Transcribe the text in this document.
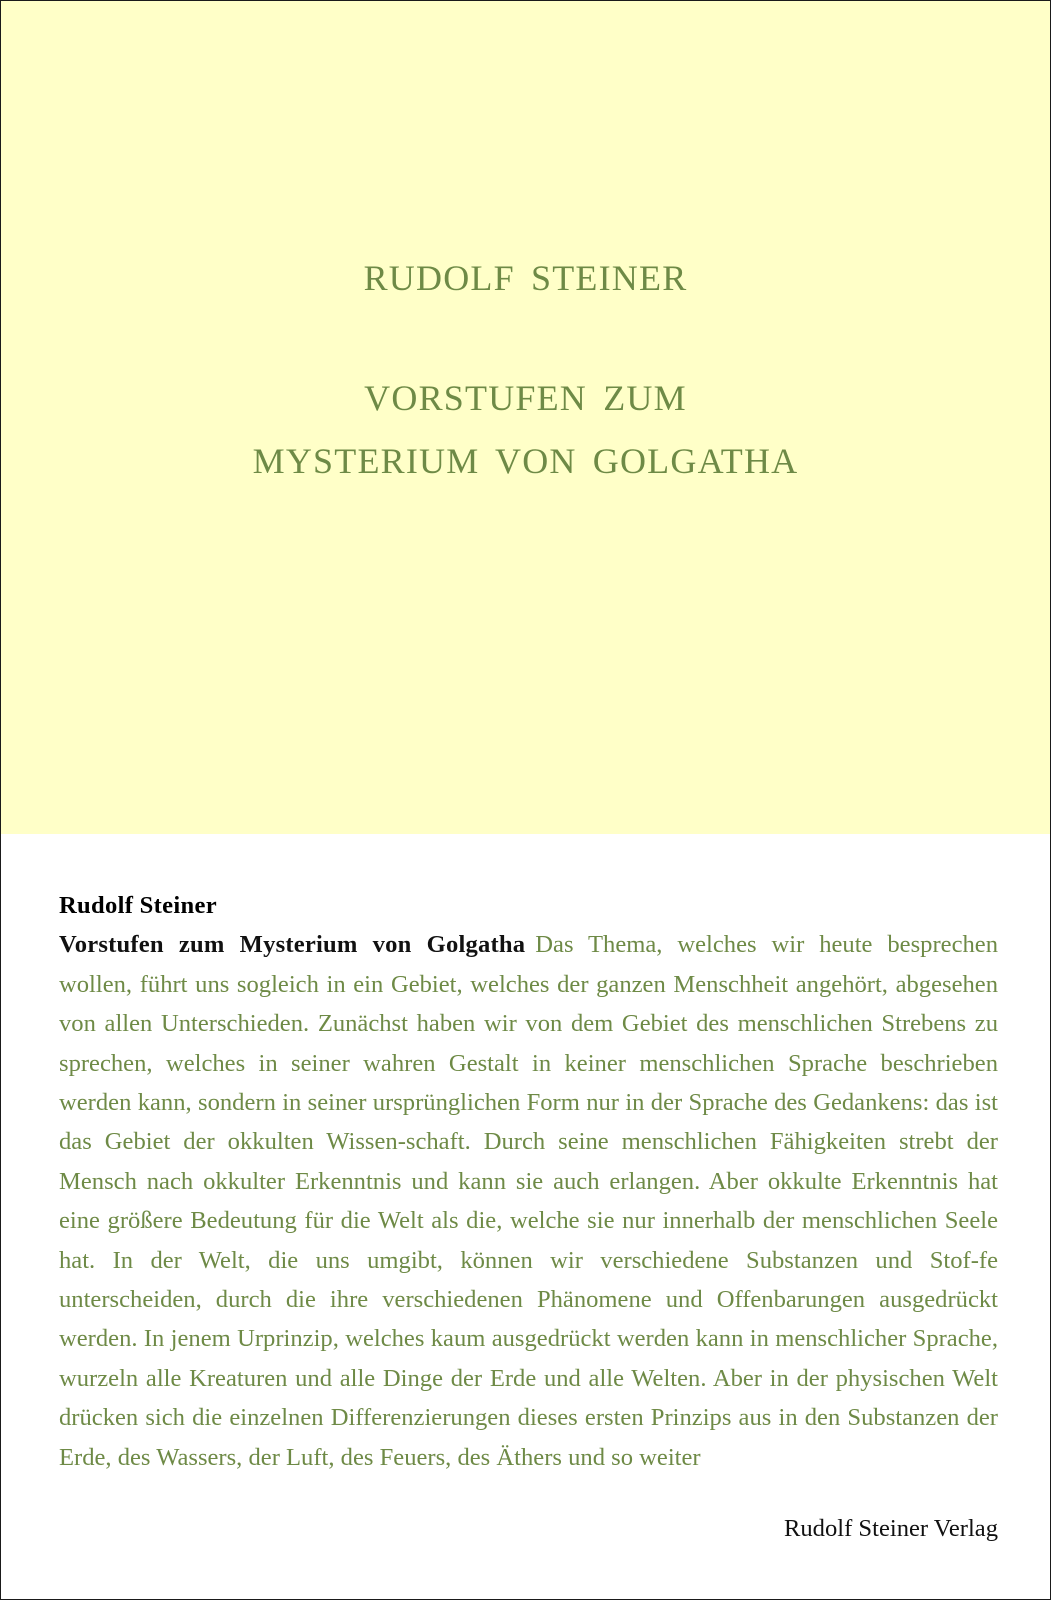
RUDOLF STEINER
VORSTUFEN ZUM
MYSTERIUM VON GOLGATHA
Rudolf Steiner

Vorstufen zum Mysterium von Golgatha Das Thema, welches wir heute besprechen wollen, führt uns sogleich in ein Gebiet, welches der ganzen Menschheit angehört, abgesehen von allen Unterschieden. Zunächst haben wir von dem Gebiet des menschlichen Strebens zu sprechen, welches in seiner wahren Gestalt in keiner menschlichen Sprache beschrieben werden kann, sondern in seiner ursprünglichen Form nur in der Sprache des Gedankens: das ist das Gebiet der okkulten Wissen-schaft. Durch seine menschlichen Fähigkeiten strebt der Mensch nach okkulter Erkenntnis und kann sie auch erlangen. Aber okkulte Erkenntnis hat eine größere Bedeutung für die Welt als die, welche sie nur innerhalb der menschlichen Seele hat. In der Welt, die uns umgibt, können wir verschiedene Substanzen und Stof-fe unterscheiden, durch die ihre verschiedenen Phänomene und Offenbarungen ausgedrückt werden. In jenem Urprinzip, welches kaum ausgedrückt werden kann in menschlicher Sprache, wurzeln alle Kreaturen und alle Dinge der Erde und alle Welten. Aber in der physischen Welt drücken sich die einzelnen Differenzierungen dieses ersten Prinzips aus in den Substanzen der Erde, des Wassers, der Luft, des Feuers, des Äthers und so weiter

Rudolf Steiner Verlag
